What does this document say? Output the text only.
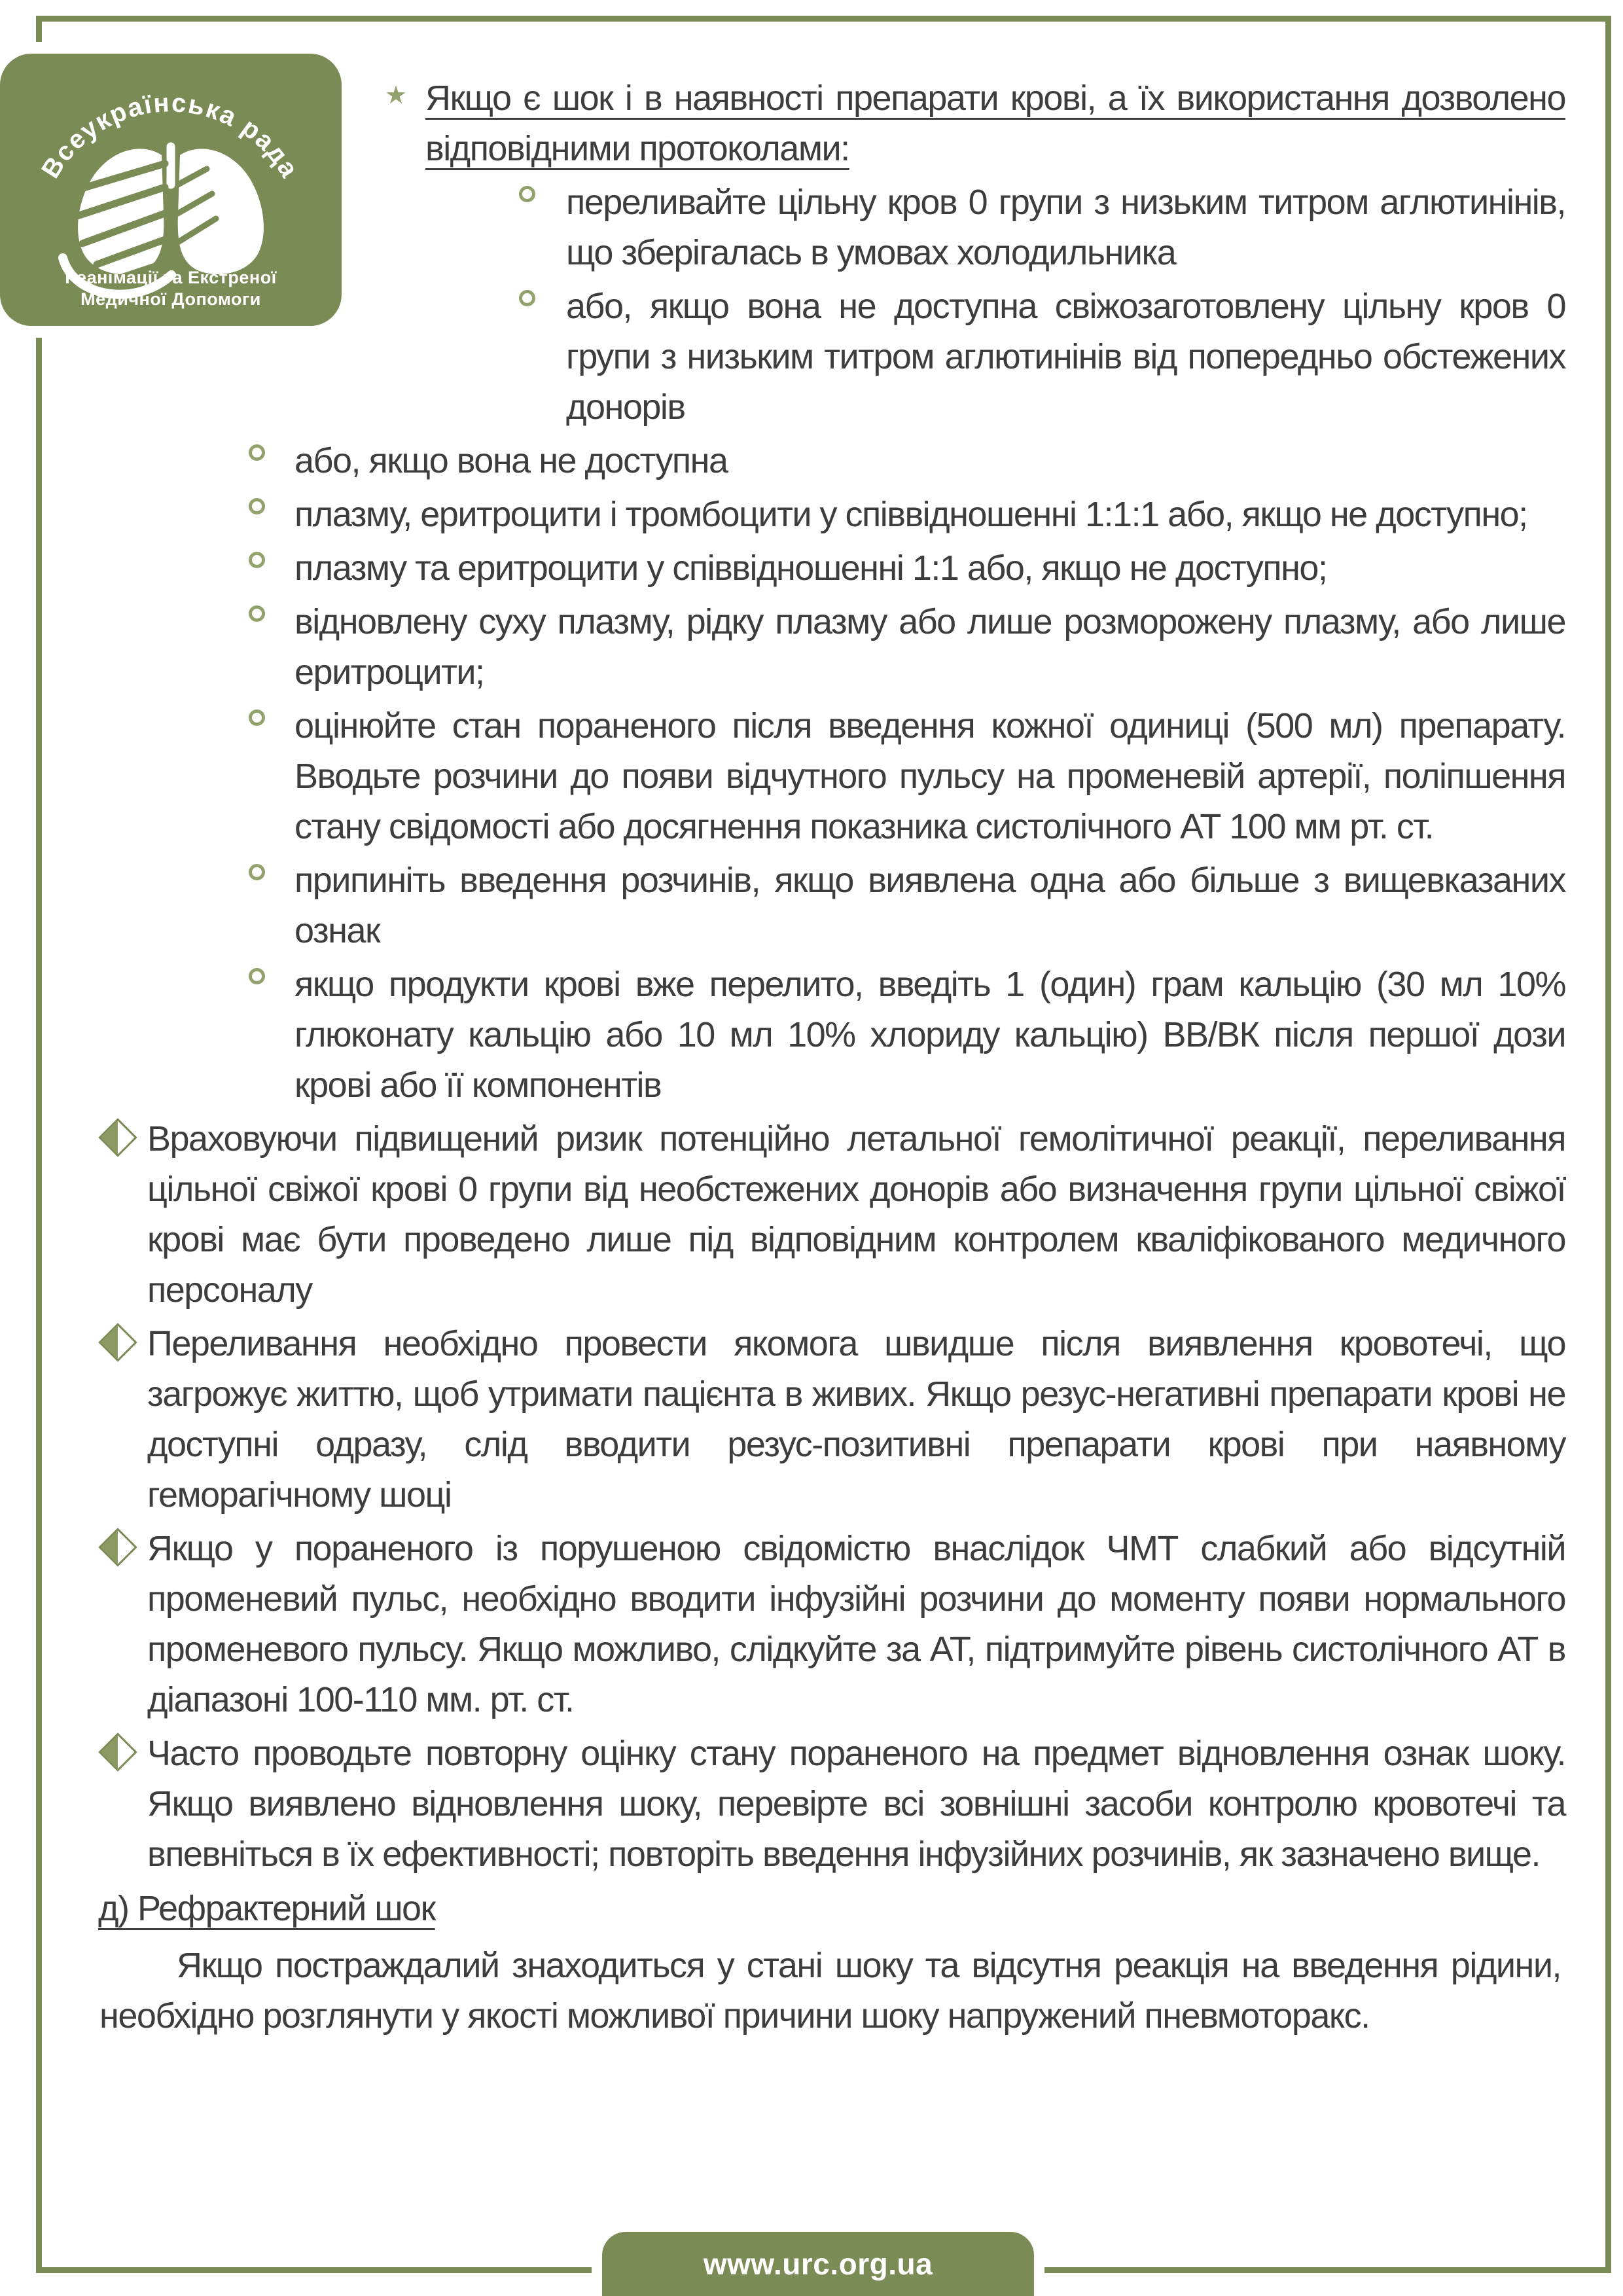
Всеукраїнська рада
Реанімації та Екстреної
Медичної Допомоги
★ Якщо є шок і в наявності препарати крові, а їх використання дозволено відповідними протоколами:
переливайте цільну кров 0 групи з низьким титром аглютинінів, що зберігалась в умовах холодильника
або, якщо вона не доступна свіжозаготовлену цільну кров 0 групи з низьким титром аглютинінів від попередньо обстежених донорів
або, якщо вона не доступна
плазму, еритроцити і тромбоцити у співвідношенні 1:1:1 або, якщо не доступно;
плазму та еритроцити у співвідношенні 1:1 або, якщо не доступно;
відновлену суху плазму, рідку плазму або лише розморожену плазму, або лише еритроцити;
оцінюйте стан пораненого після введення кожної одиниці (500 мл) препарату. Вводьте розчини до появи відчутного пульсу на променевій артерії, поліпшення стану свідомості або досягнення показника систолічного АТ 100 мм рт. ст.
припиніть введення розчинів, якщо виявлена одна або більше з вищевказаних ознак
якщо продукти крові вже перелито, введіть 1 (один) грам кальцію (30 мл 10% глюконату кальцію або 10 мл 10% хлориду кальцію) ВВ/ВК після першої дози крові або її компонентів
Враховуючи підвищений ризик потенційно летальної гемолітичної реакції, переливання цільної свіжої крові 0 групи від необстежених донорів або визначення групи цільної свіжої крові має бути проведено лише під відповідним контролем кваліфікованого медичного персоналу
Переливання необхідно провести якомога швидше після виявлення кровотечі, що загрожує життю, щоб утримати пацієнта в живих. Якщо резус-негативні препарати крові не доступні одразу, слід вводити резус-позитивні препарати крові при наявному геморагічному шоці
Якщо у пораненого із порушеною свідомістю внаслідок ЧМТ слабкий або відсутній променевий пульс, необхідно вводити інфузійні розчини до моменту появи нормального променевого пульсу. Якщо можливо, слідкуйте за АТ, підтримуйте рівень систолічного АТ в діапазоні 100-110 мм. рт. ст.
Часто проводьте повторну оцінку стану пораненого на предмет відновлення ознак шоку. Якщо виявлено відновлення шоку, перевірте всі зовнішні засоби контролю кровотечі та впевніться в їх ефективності; повторіть введення інфузійних розчинів, як зазначено вище.
д) Рефрактерний шок

Якщо постраждалий знаходиться у стані шоку та відсутня реакція на введення рідини, необхідно розглянути у якості можливої причини шоку напружений пневмоторакс.

www.urc.org.ua
